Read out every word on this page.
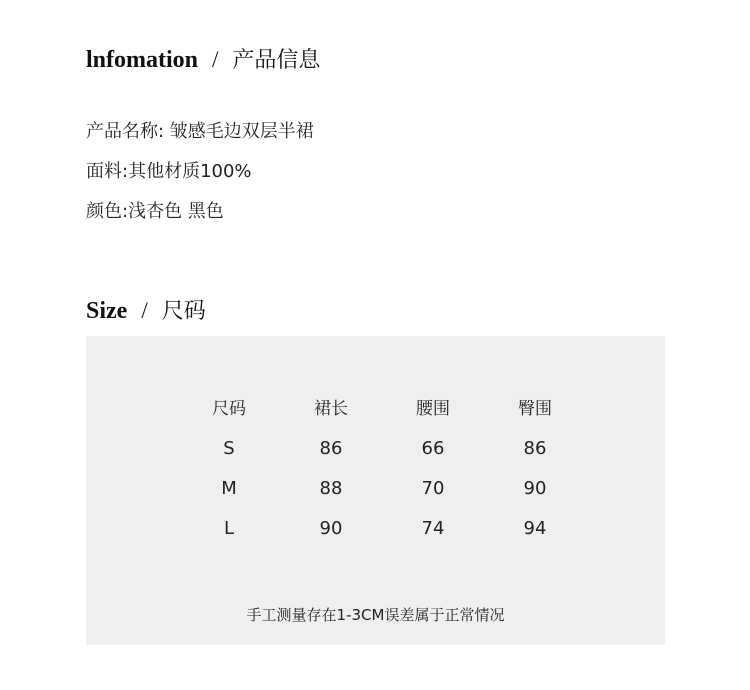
lnfomation / 产品信息
产品名称: 皱感毛边双层半裙
面料:其他材质100%
颜色:浅杏色 黑色
Size / 尺码
尺码	裙长	腰围	臀围
S	86	66	86
M	88	70	90
L	90	74	94
手工测量存在1-3CM误差属于正常情况
